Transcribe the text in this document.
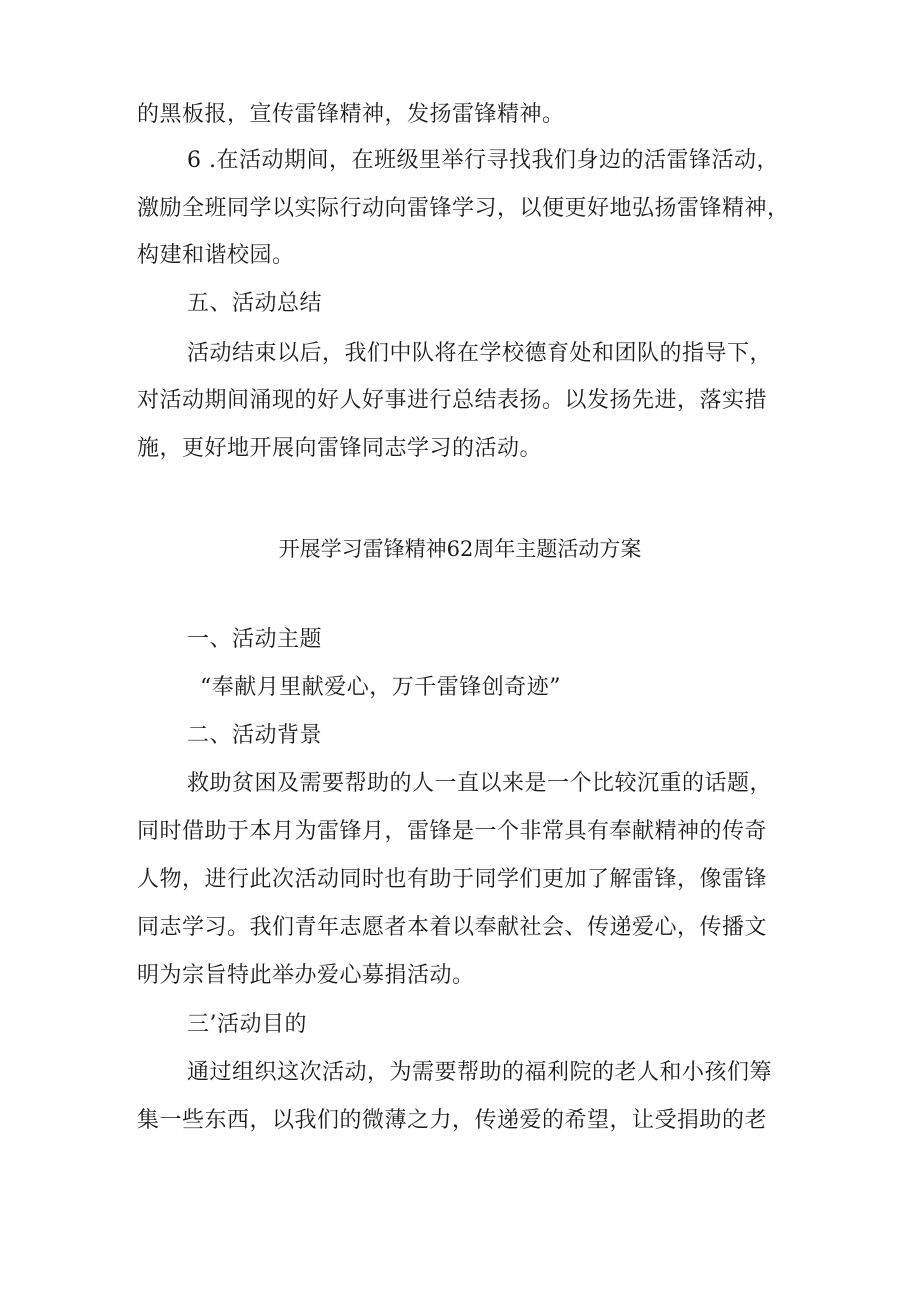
的黑板报，宣传雷锋精神，发扬雷锋精神。
6 .在活动期间，在班级里举行寻找我们身边的活雷锋活动，
激励全班同学以实际行动向雷锋学习，以便更好地弘扬雷锋精神，
构建和谐校园。
五、活动总结
活动结束以后，我们中队将在学校德育处和团队的指导下，
对活动期间涌现的好人好事进行总结表扬。以发扬先进，落实措
施，更好地开展向雷锋同志学习的活动。
开展学习雷锋精神62周年主题活动方案
一、活动主题
“奉献月里献爱心，万千雷锋创奇迹”
二、活动背景
救助贫困及需要帮助的人一直以来是一个比较沉重的话题，
同时借助于本月为雷锋月，雷锋是一个非常具有奉献精神的传奇
人物，进行此次活动同时也有助于同学们更加了解雷锋，像雷锋
同志学习。我们青年志愿者本着以奉献社会、传递爱心，传播文
明为宗旨特此举办爱心募捐活动。
三’活动目的
通过组织这次活动，为需要帮助的福利院的老人和小孩们筹
集一些东西，以我们的微薄之力，传递爱的希望，让受捐助的老
